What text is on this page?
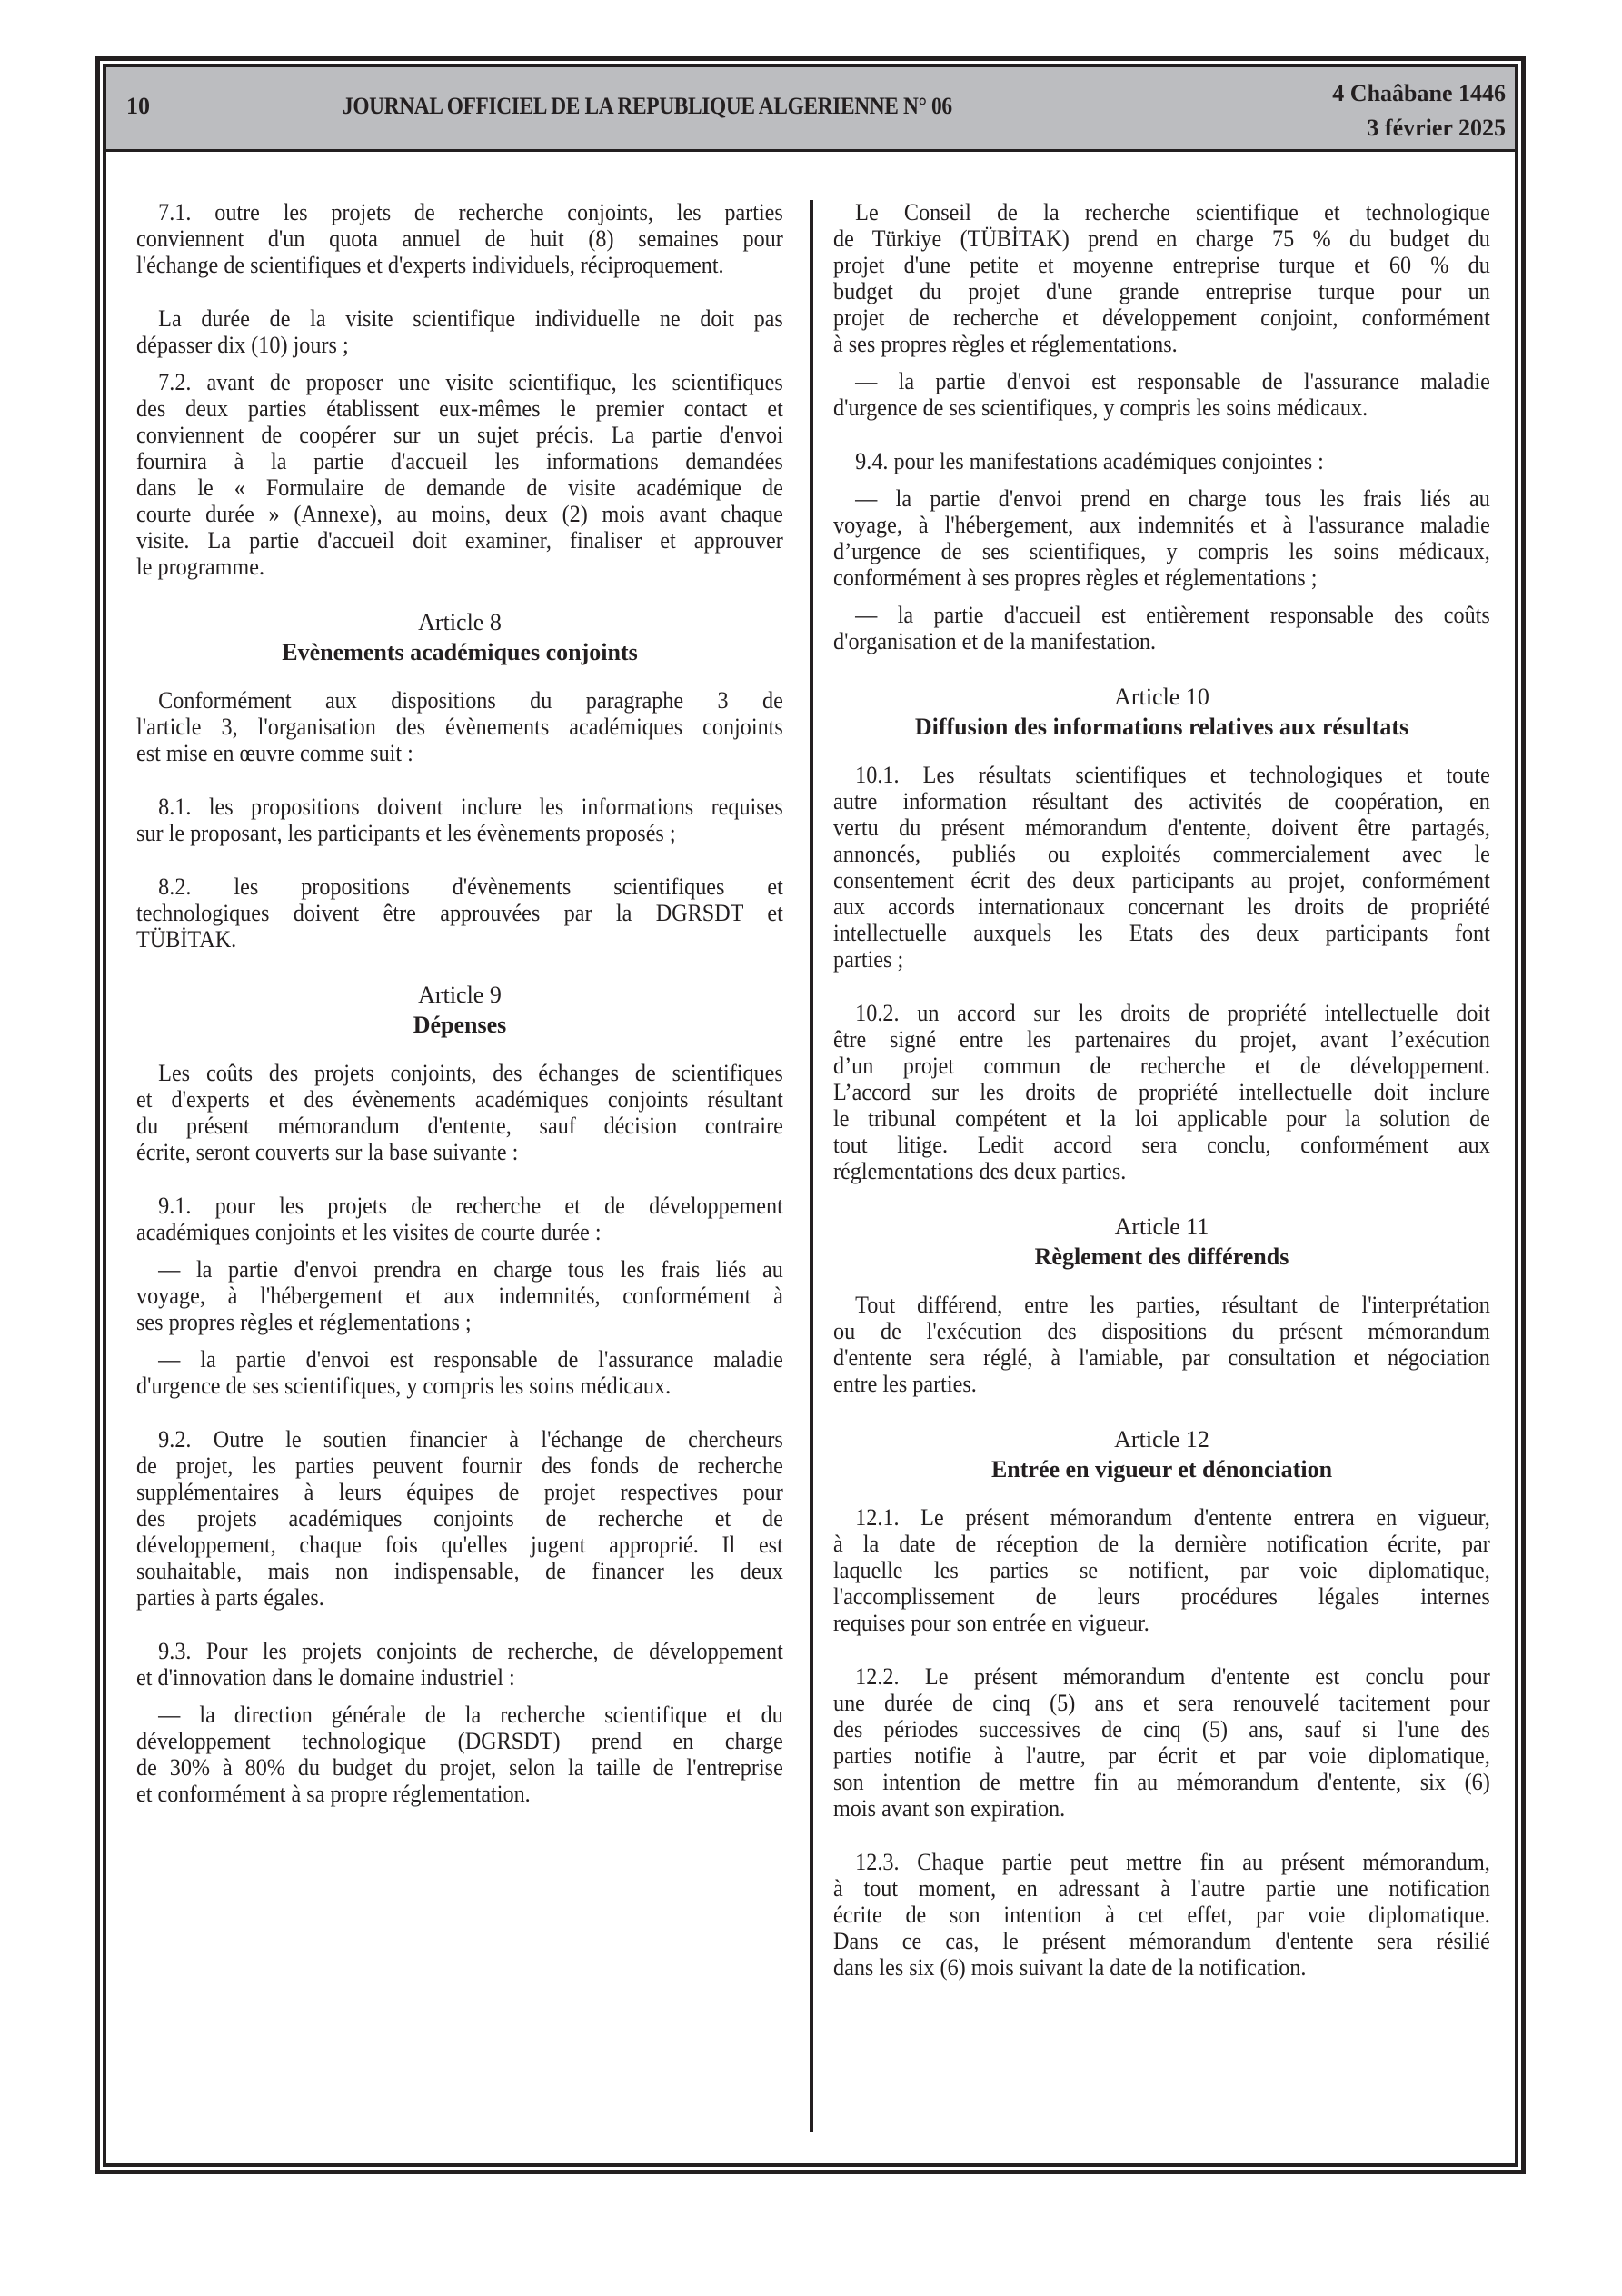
10	JOURNAL OFFICIEL DE LA REPUBLIQUE ALGERIENNE N° 06	4 Chaâbane 1446
3 février 2025
7.1. outre les projets de recherche conjoints, les parties
conviennent d'un quota annuel de huit (8) semaines pour
l'échange de scientifiques et d'experts individuels, réciproquement.
La durée de la visite scientifique individuelle ne doit pas
dépasser dix (10) jours ;
7.2. avant de proposer une visite scientifique, les scientifiques
des deux parties établissent eux-mêmes le premier contact et
conviennent de coopérer sur un sujet précis. La partie d'envoi
fournira à la partie d'accueil les informations demandées
dans le « Formulaire de demande de visite académique de
courte durée » (Annexe), au moins, deux (2) mois avant chaque
visite. La partie d'accueil doit examiner, finaliser et approuver
le programme.
Article 8
Evènements académiques conjoints
Conformément aux dispositions du paragraphe 3 de
l'article 3, l'organisation des évènements académiques conjoints
est mise en œuvre comme suit :
8.1. les propositions doivent inclure les informations requises
sur le proposant, les participants et les évènements proposés ;
8.2. les propositions d'évènements scientifiques et
technologiques doivent être approuvées par la DGRSDT et
TÜBİTAK.
Article 9
Dépenses
Les coûts des projets conjoints, des échanges de scientifiques
et d'experts et des évènements académiques conjoints résultant
du présent mémorandum d'entente, sauf décision contraire
écrite, seront couverts sur la base suivante :
9.1. pour les projets de recherche et de développement
académiques conjoints et les visites de courte durée :
— la partie d'envoi prendra en charge tous les frais liés au
voyage, à l'hébergement et aux indemnités, conformément à
ses propres règles et réglementations ;
— la partie d'envoi est responsable de l'assurance maladie
d'urgence de ses scientifiques, y compris les soins médicaux.
9.2. Outre le soutien financier à l'échange de chercheurs
de projet, les parties peuvent fournir des fonds de recherche
supplémentaires à leurs équipes de projet respectives pour
des projets académiques conjoints de recherche et de
développement, chaque fois qu'elles jugent approprié. Il est
souhaitable, mais non indispensable, de financer les deux
parties à parts égales.
9.3. Pour les projets conjoints de recherche, de développement
et d'innovation dans le domaine industriel :
— la direction générale de la recherche scientifique et du
développement technologique (DGRSDT) prend en charge
de 30% à 80% du budget du projet, selon la taille de l'entreprise
et conformément à sa propre réglementation.
Le Conseil de la recherche scientifique et technologique
de Türkiye (TÜBİTAK) prend en charge 75 % du budget du
projet d'une petite et moyenne entreprise turque et 60 % du
budget du projet d'une grande entreprise turque pour un
projet de recherche et développement conjoint, conformément
à ses propres règles et réglementations.
— la partie d'envoi est responsable de l'assurance maladie
d'urgence de ses scientifiques, y compris les soins médicaux.
9.4. pour les manifestations académiques conjointes :
— la partie d'envoi prend en charge tous les frais liés au
voyage, à l'hébergement, aux indemnités et à l'assurance maladie
d’urgence de ses scientifiques, y compris les soins médicaux,
conformément à ses propres règles et réglementations ;
— la partie d'accueil est entièrement responsable des coûts
d'organisation et de la manifestation.
Article 10
Diffusion des informations relatives aux résultats
10.1. Les résultats scientifiques et technologiques et toute
autre information résultant des activités de coopération, en
vertu du présent mémorandum d'entente, doivent être partagés,
annoncés, publiés ou exploités commercialement avec le
consentement écrit des deux participants au projet, conformément
aux accords internationaux concernant les droits de propriété
intellectuelle auxquels les Etats des deux participants font
parties ;
10.2. un accord sur les droits de propriété intellectuelle doit
être signé entre les partenaires du projet, avant l’exécution
d’un projet commun de recherche et de développement.
L’accord sur les droits de propriété intellectuelle doit inclure
le tribunal compétent et la loi applicable pour la solution de
tout litige. Ledit accord sera conclu, conformément aux
réglementations des deux parties.
Article 11
Règlement des différends
Tout différend, entre les parties, résultant de l'interprétation
ou de l'exécution des dispositions du présent mémorandum
d'entente sera réglé, à l'amiable, par consultation et négociation
entre les parties.
Article 12
Entrée en vigueur et dénonciation
12.1. Le présent mémorandum d'entente entrera en vigueur,
à la date de réception de la dernière notification écrite, par
laquelle les parties se notifient, par voie diplomatique,
l'accomplissement de leurs procédures légales internes
requises pour son entrée en vigueur.
12.2. Le présent mémorandum d'entente est conclu pour
une durée de cinq (5) ans et sera renouvelé tacitement pour
des périodes successives de cinq (5) ans, sauf si l'une des
parties notifie à l'autre, par écrit et par voie diplomatique,
son intention de mettre fin au mémorandum d'entente, six (6)
mois avant son expiration.
12.3. Chaque partie peut mettre fin au présent mémorandum,
à tout moment, en adressant à l'autre partie une notification
écrite de son intention à cet effet, par voie diplomatique.
Dans ce cas, le présent mémorandum d'entente sera résilié
dans les six (6) mois suivant la date de la notification.
